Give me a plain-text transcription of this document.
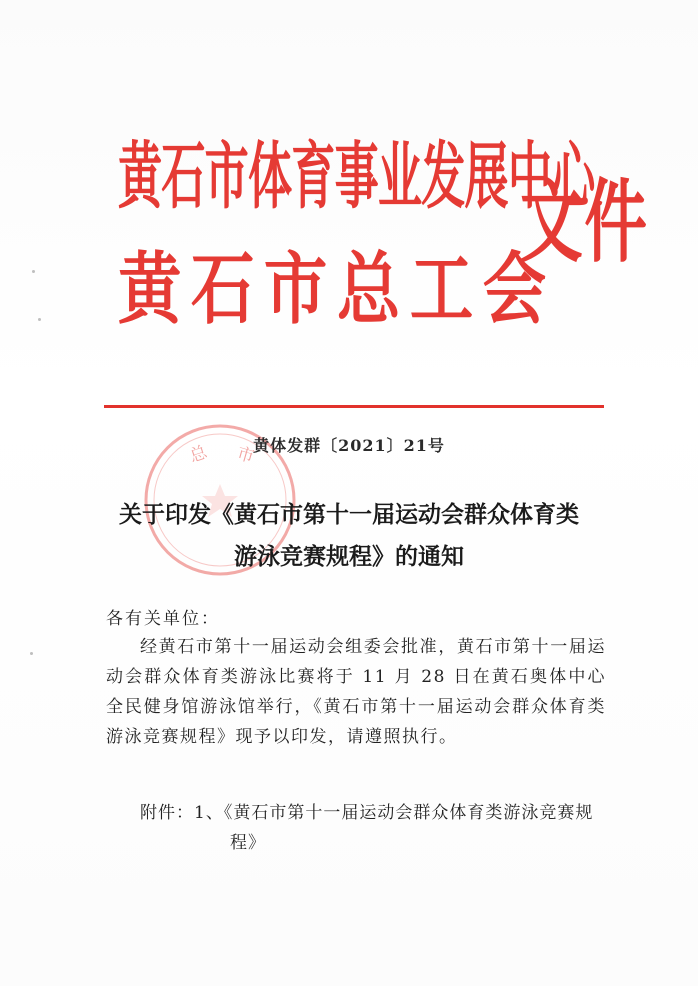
黄石市体育事业发展中心
黄石市总工会
文件
总 市
黄体发群〔2021〕21号
关于印发《黄石市第十一届运动会群众体育类
游泳竞赛规程》的通知
各有关单位：
经黄石市第十一届运动会组委会批准，黄石市第十一届运动会群众体育类游泳比赛将于 11 月 28 日在黄石奥体中心全民健身馆游泳馆举行，《黄石市第十一届运动会群众体育类游泳竞赛规程》现予以印发，请遵照执行。
附件：1、《黄石市第十一届运动会群众体育类游泳竞赛规
程》
